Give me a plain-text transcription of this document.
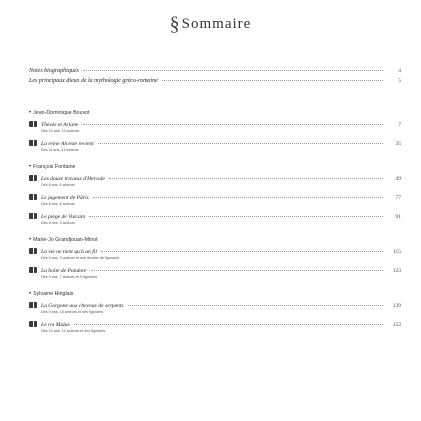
§ Sommaire
Notes biographiques	4
Les principaux dieux de la mythologie gréco-romaine	5
• Jean-Dominique Bouvot
Thésée et Ariane	7
Dès 10 ans, 13 acteurs
La reine Alceste revient	35
Dès 11 ans, 14 acteurs
• François Fontaine
Les douze travaux d'Hercule	49
Dès 8 ans, 6 acteurs
Le jugement de Pâris	77
Dès 8 ans, 6 acteurs
Le piège de Vulcain	91
Dès 8 ans, 6 acteurs
• Marie-Jo Grandjouan-Minot
La vie ne tient qu'à un fil	115
Dès 9 ans, 3 acteurs et une dizaine de figurants
La boîte de Pandore	123
Dès 9 ans, 7 acteurs et 5 figurants
• Sylvaine Hinglais
La Gorgone aux cheveux de serpents	139
Dès 9 ans, 15 acteurs et des figurants
Le roi Midas	153
Dès 10 ans, 12 acteurs et des figurants
